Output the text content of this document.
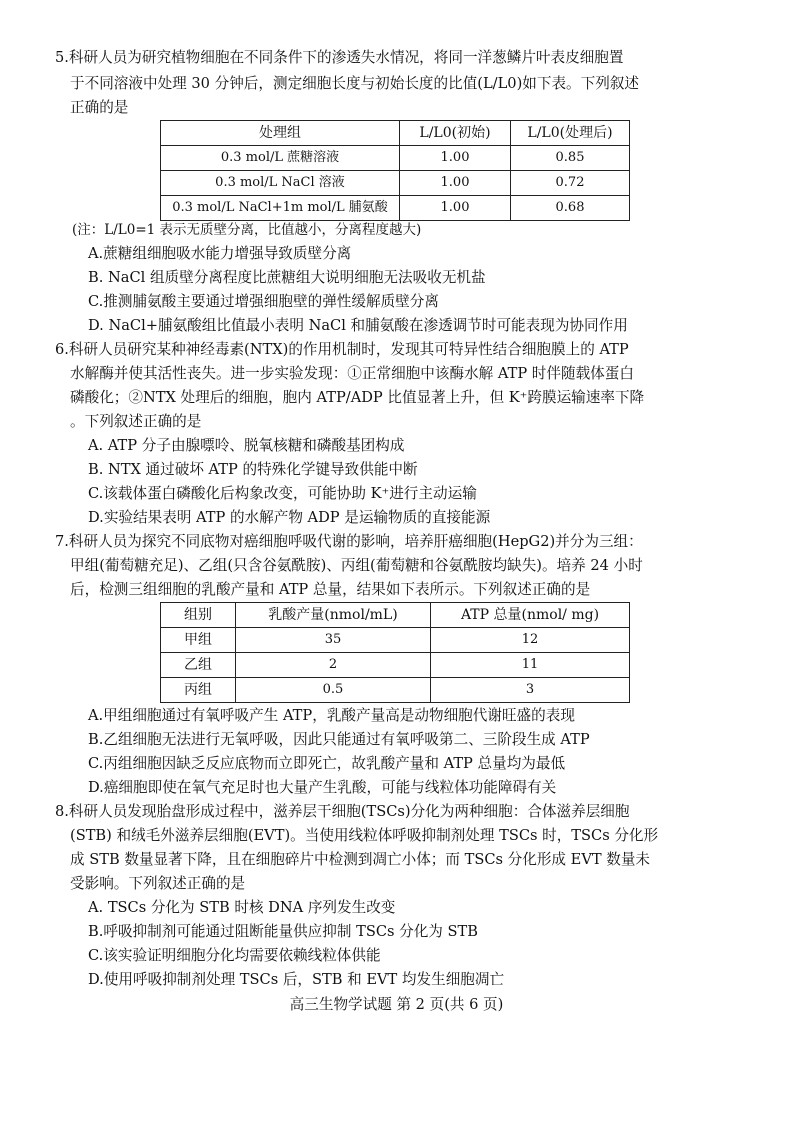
5.科研人员为研究植物细胞在不同条件下的渗透失水情况，将同一洋葱鳞片叶表皮细胞置
于不同溶液中处理 30 分钟后，测定细胞长度与初始长度的比值(L/L0)如下表。下列叙述
正确的是
处理组	L/L0(初始)	L/L0(处理后)
0.3 mol/L 蔗糖溶液	1.00	0.85
0.3 mol/L NaCl 溶液	1.00	0.72
0.3 mol/L NaCl+1m mol/L 脯氨酸	1.00	0.68
(注：L/L0=1 表示无质壁分离，比值越小，分离程度越大)
A.蔗糖组细胞吸水能力增强导致质壁分离
B. NaCl 组质壁分离程度比蔗糖组大说明细胞无法吸收无机盐
C.推测脯氨酸主要通过增强细胞壁的弹性缓解质壁分离
D. NaCl+脯氨酸组比值最小表明 NaCl 和脯氨酸在渗透调节时可能表现为协同作用
6.科研人员研究某种神经毒素(NTX)的作用机制时，发现其可特异性结合细胞膜上的 ATP
水解酶并使其活性丧失。进一步实验发现：①正常细胞中该酶水解 ATP 时伴随载体蛋白
磷酸化；②NTX 处理后的细胞，胞内 ATP/ADP 比值显著上升，但 K⁺跨膜运输速率下降
。下列叙述正确的是
A. ATP 分子由腺嘌呤、脱氧核糖和磷酸基团构成
B. NTX 通过破坏 ATP 的特殊化学键导致供能中断
C.该载体蛋白磷酸化后构象改变，可能协助 K⁺进行主动运输
D.实验结果表明 ATP 的水解产物 ADP 是运输物质的直接能源
7.科研人员为探究不同底物对癌细胞呼吸代谢的影响，培养肝癌细胞(HepG2)并分为三组：
甲组(葡萄糖充足)、乙组(只含谷氨酰胺)、丙组(葡萄糖和谷氨酰胺均缺失)。培养 24 小时
后，检测三组细胞的乳酸产量和 ATP 总量，结果如下表所示。下列叙述正确的是
组别	乳酸产量(nmol/mL)	ATP 总量(nmol/ mg)
甲组	35	12
乙组	2	11
丙组	0.5	3
A.甲组细胞通过有氧呼吸产生 ATP，乳酸产量高是动物细胞代谢旺盛的表现
B.乙组细胞无法进行无氧呼吸，因此只能通过有氧呼吸第二、三阶段生成 ATP
C.丙组细胞因缺乏反应底物而立即死亡，故乳酸产量和 ATP 总量均为最低
D.癌细胞即使在氧气充足时也大量产生乳酸，可能与线粒体功能障碍有关
8.科研人员发现胎盘形成过程中，滋养层干细胞(TSCs)分化为两种细胞：合体滋养层细胞
(STB) 和绒毛外滋养层细胞(EVT)。当使用线粒体呼吸抑制剂处理 TSCs 时，TSCs 分化形
成 STB 数量显著下降，且在细胞碎片中检测到凋亡小体；而 TSCs 分化形成 EVT 数量未
受影响。下列叙述正确的是
A. TSCs 分化为 STB 时核 DNA 序列发生改变
B.呼吸抑制剂可能通过阻断能量供应抑制 TSCs 分化为 STB
C.该实验证明细胞分化均需要依赖线粒体供能
D.使用呼吸抑制剂处理 TSCs 后，STB 和 EVT 均发生细胞凋亡
高三生物学试题 第 2 页(共 6 页)
